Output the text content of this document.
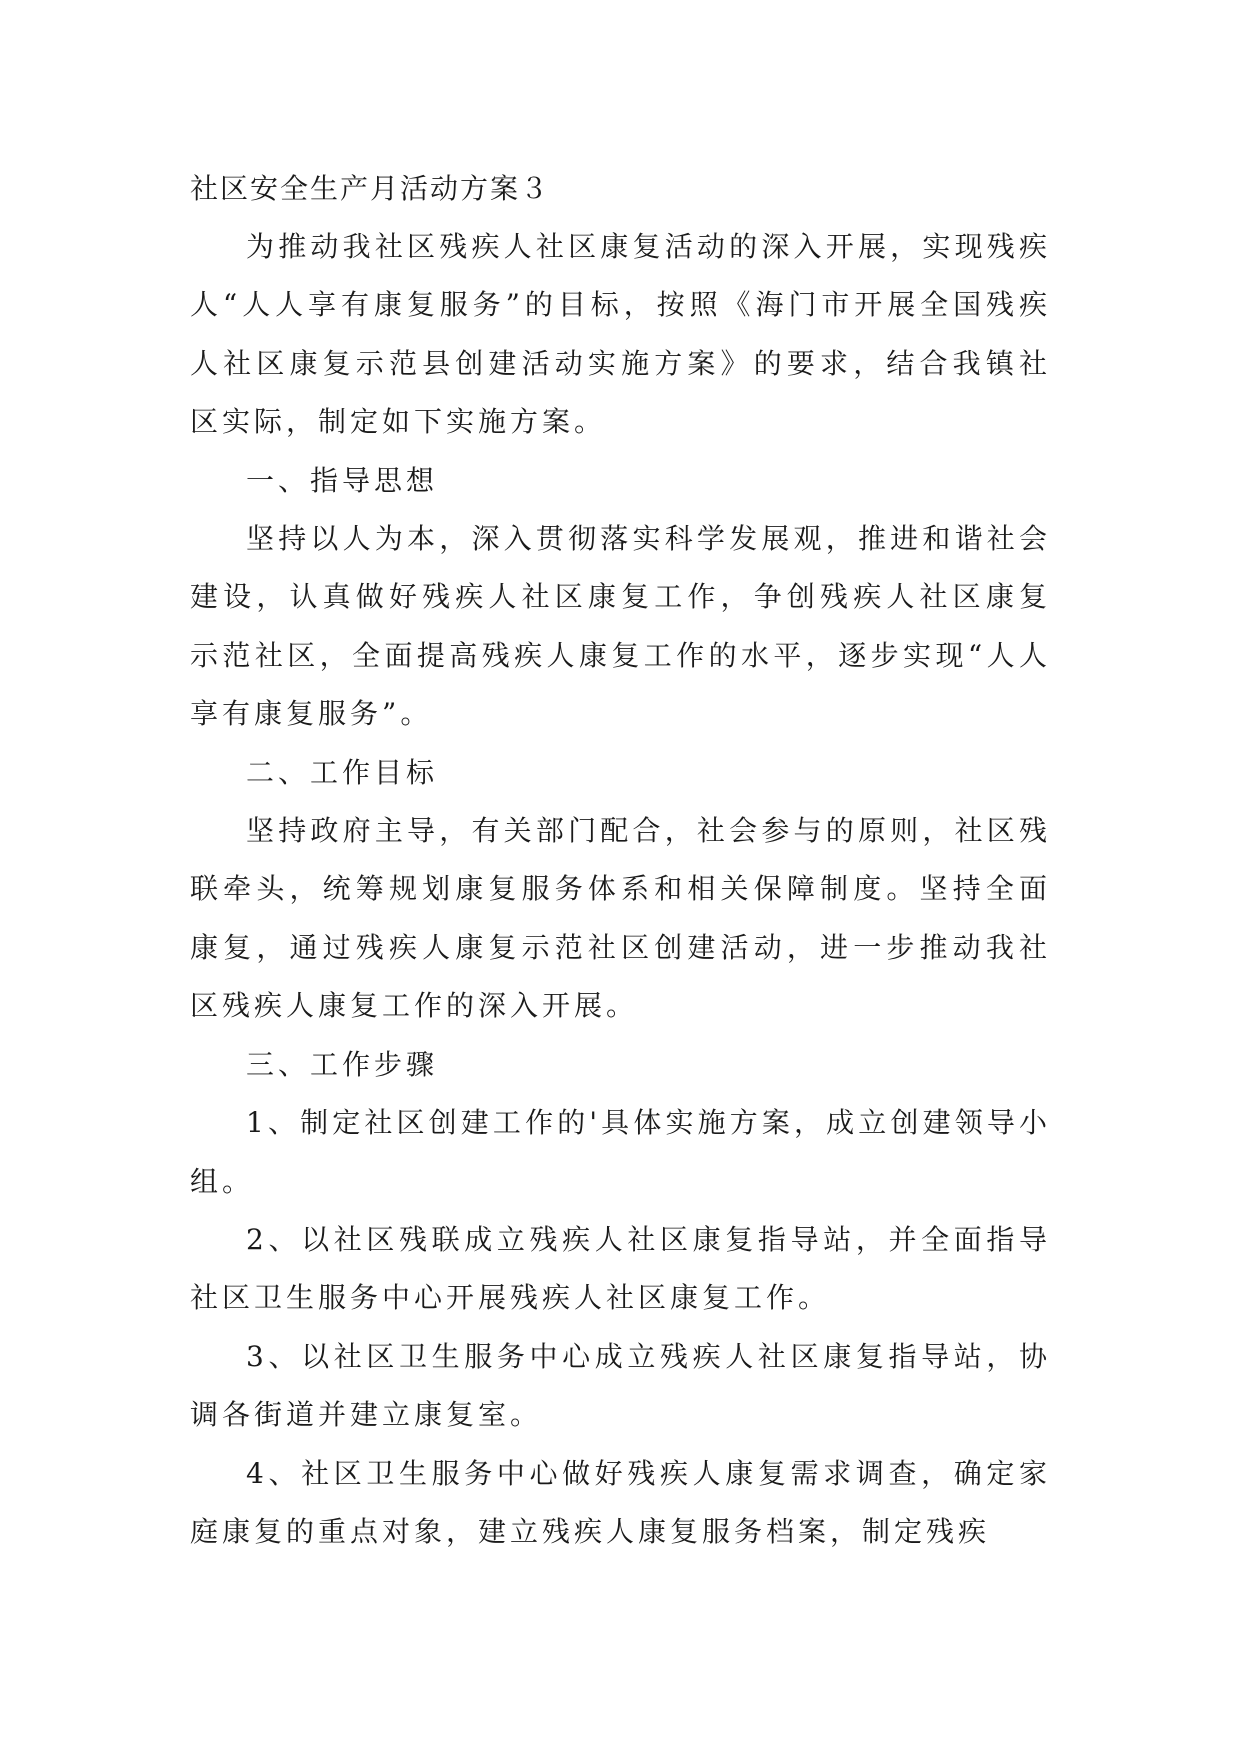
社区安全生产月活动方案３

为推动我社区残疾人社区康复活动的深入开展，实现残疾人“人人享有康复服务”的目标，按照《海门市开展全国残疾人社区康复示范县创建活动实施方案》的要求，结合我镇社区实际，制定如下实施方案。

一、指导思想

坚持以人为本，深入贯彻落实科学发展观，推进和谐社会建设，认真做好残疾人社区康复工作，争创残疾人社区康复示范社区，全面提高残疾人康复工作的水平，逐步实现“人人享有康复服务”。

二、工作目标

坚持政府主导，有关部门配合，社会参与的原则，社区残联牵头，统筹规划康复服务体系和相关保障制度。坚持全面康复，通过残疾人康复示范社区创建活动，进一步推动我社区残疾人康复工作的深入开展。

三、工作步骤

1、制定社区创建工作的'具体实施方案，成立创建领导小组。

2、以社区残联成立残疾人社区康复指导站，并全面指导社区卫生服务中心开展残疾人社区康复工作。

3、以社区卫生服务中心成立残疾人社区康复指导站，协调各街道并建立康复室。

4、社区卫生服务中心做好残疾人康复需求调查，确定家庭康复的重点对象，建立残疾人康复服务档案，制定残疾
